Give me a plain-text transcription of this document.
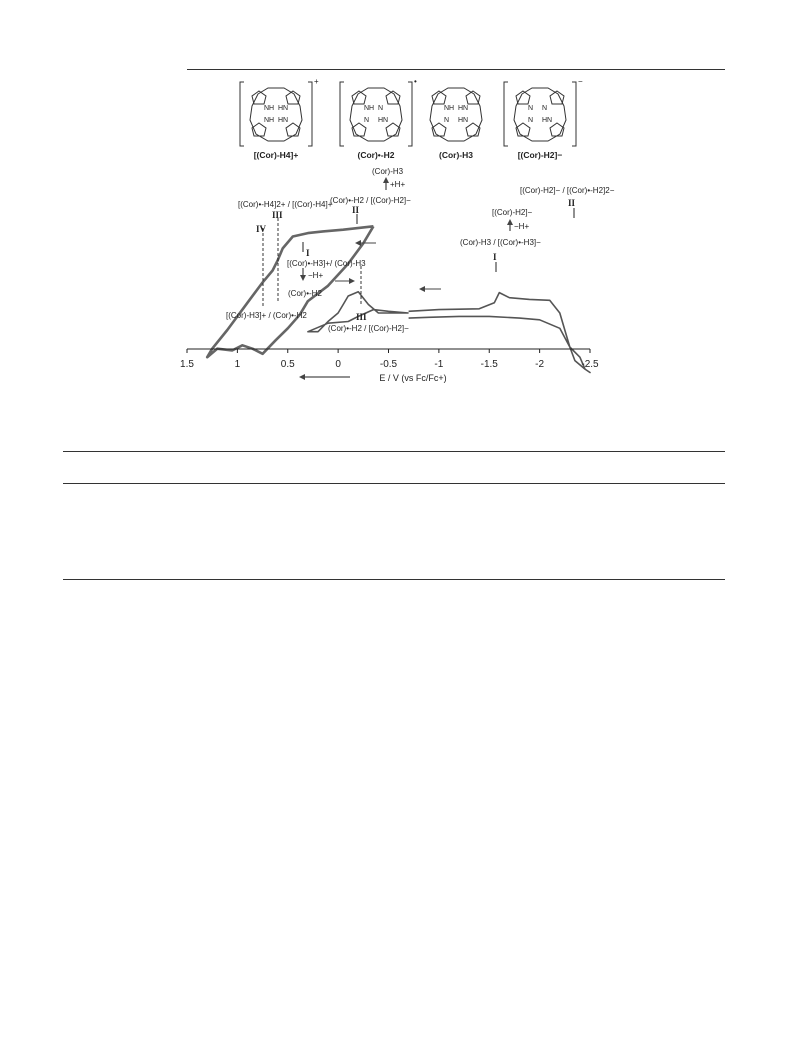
NH HN
NH HN
+
[(Cor)-H4]+
NH N
N HN
•
(Cor)•-H2
NH HN
N HN
(Cor)-H3
N N
N HN
−
[(Cor)-H2]−
(Cor)-H3
+H+
(Cor)•-H2 / [(Cor)-H2]−
II
[(Cor)•-H4]2+ / [(Cor)-H4]+
III
IV
I
[(Cor)•-H3]+/ (Cor)-H3
−H+
(Cor)•-H2
[(Cor)-H3]+ / (Cor)•-H2	III
(Cor)•-H2 / [(Cor)-H2]−
[(Cor)-H2]− / [(Cor)•-H2]2−
II
[(Cor)-H2]−
−H+
(Cor)-H3 / [(Cor)•-H3]−
I
1.5	1	0.5	0	-0.5	-1	-1.5	-2	-2.5
E / V (vs Fc/Fc+)
